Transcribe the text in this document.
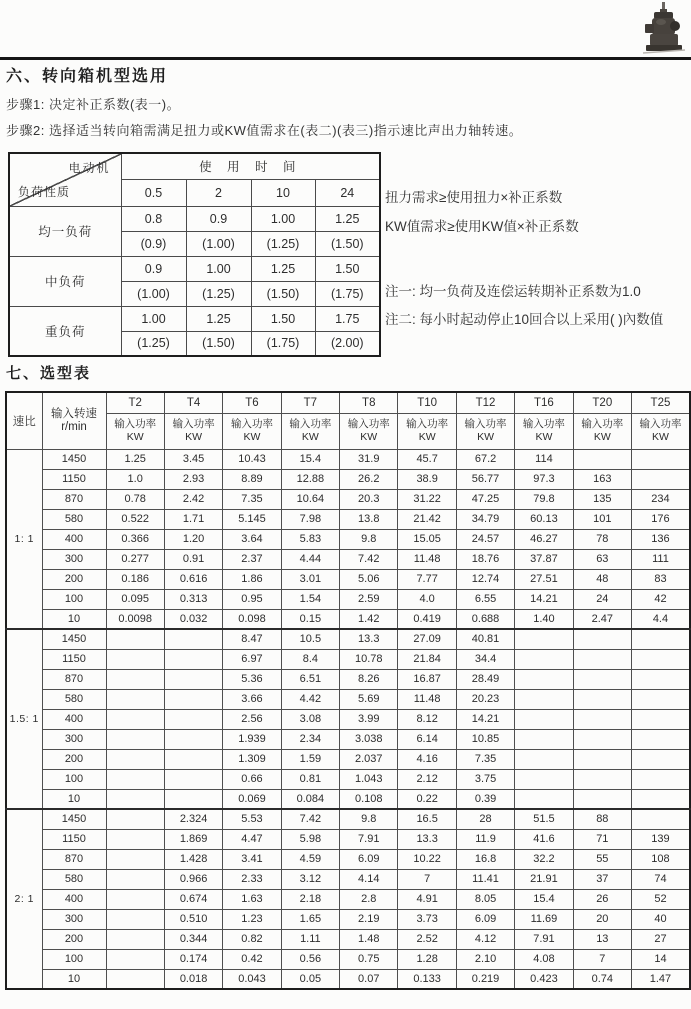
六、转向箱机型选用
步骤1: 决定补正系数(表一)。
步骤2: 选择适当转向箱需满足扭力或KW值需求在(表二)(表三)指示速比声出力轴转速。
电动机
负荷性质	使 用 时 间			
	0.5	2	10	24
均一负荷	0.8	0.9	1.00	1.25
	(0.9)	(1.00)	(1.25)	(1.50)
中负荷	0.9	1.00	1.25	1.50
	(1.00)	(1.25)	(1.50)	(1.75)
重负荷	1.00	1.25	1.50	1.75
	(1.25)	(1.50)	(1.75)	(2.00)
扭力需求≥使用扭力×补正系数
KW值需求≥使用KW值×补正系数
注一: 均一负荷及连偿运转期补正系数为1.0
注二: 每小时起动停止10回合以上采用( )內数值
七、选型表
速比	输入转速
r/min	T2	T4	T6	T7	T8	T10	T12	T16	T20	T25
		输入功率KW	输入功率KW	输入功率KW	输入功率KW	输入功率KW	输入功率KW	输入功率KW	输入功率KW	输入功率KW	输入功率KW
1: 1	1450	1.25	3.45	10.43	15.4	31.9	45.7	67.2	114		
	1150	1.0	2.93	8.89	12.88	26.2	38.9	56.77	97.3	163	
	870	0.78	2.42	7.35	10.64	20.3	31.22	47.25	79.8	135	234
	580	0.522	1.71	5.145	7.98	13.8	21.42	34.79	60.13	101	176
	400	0.366	1.20	3.64	5.83	9.8	15.05	24.57	46.27	78	136
	300	0.277	0.91	2.37	4.44	7.42	11.48	18.76	37.87	63	111
	200	0.186	0.616	1.86	3.01	5.06	7.77	12.74	27.51	48	83
	100	0.095	0.313	0.95	1.54	2.59	4.0	6.55	14.21	24	42
	10	0.0098	0.032	0.098	0.15	1.42	0.419	0.688	1.40	2.47	4.4
1.5: 1	1450			8.47	10.5	13.3	27.09	40.81			
	1150			6.97	8.4	10.78	21.84	34.4			
	870			5.36	6.51	8.26	16.87	28.49			
	580			3.66	4.42	5.69	11.48	20.23			
	400			2.56	3.08	3.99	8.12	14.21			
	300			1.939	2.34	3.038	6.14	10.85			
	200			1.309	1.59	2.037	4.16	7.35			
	100			0.66	0.81	1.043	2.12	3.75			
	10			0.069	0.084	0.108	0.22	0.39			
2: 1	1450		2.324	5.53	7.42	9.8	16.5	28	51.5	88	
	1150		1.869	4.47	5.98	7.91	13.3	11.9	41.6	71	139
	870		1.428	3.41	4.59	6.09	10.22	16.8	32.2	55	108
	580		0.966	2.33	3.12	4.14	7	11.41	21.91	37	74
	400		0.674	1.63	2.18	2.8	4.91	8.05	15.4	26	52
	300		0.510	1.23	1.65	2.19	3.73	6.09	11.69	20	40
	200		0.344	0.82	1.11	1.48	2.52	4.12	7.91	13	27
	100		0.174	0.42	0.56	0.75	1.28	2.10	4.08	7	14
	10		0.018	0.043	0.05	0.07	0.133	0.219	0.423	0.74	1.47
